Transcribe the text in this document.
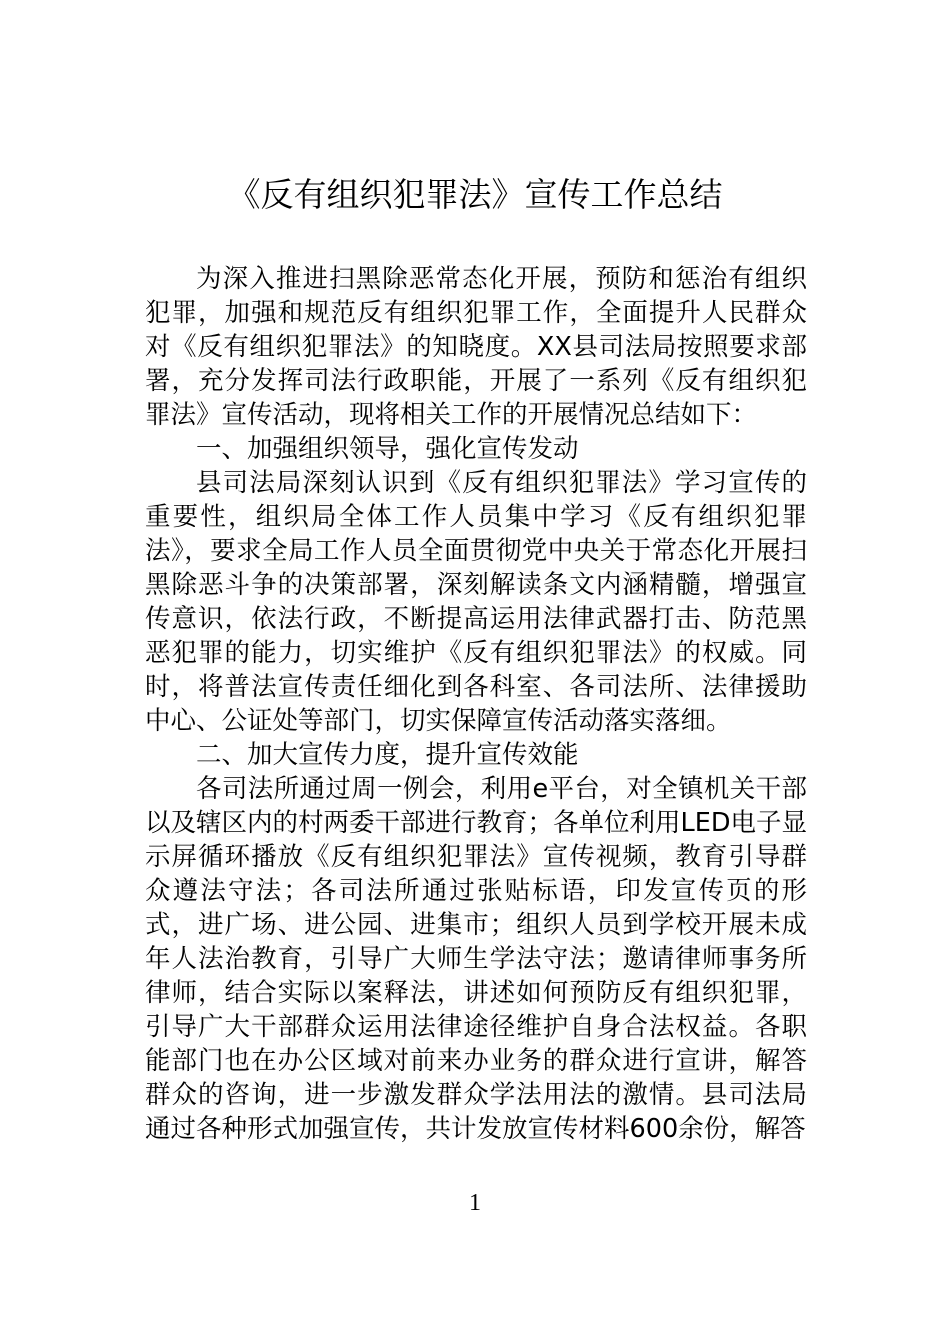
《反有组织犯罪法》宣传工作总结

为深入推进扫黑除恶常态化开展，预防和惩治有组织犯罪，加强和规范反有组织犯罪工作，全面提升人民群众对《反有组织犯罪法》的知晓度。XX县司法局按照要求部署，充分发挥司法行政职能，开展了一系列《反有组织犯罪法》宣传活动，现将相关工作的开展情况总结如下：

一、加强组织领导，强化宣传发动

县司法局深刻认识到《反有组织犯罪法》学习宣传的重要性，组织局全体工作人员集中学习《反有组织犯罪法》，要求全局工作人员全面贯彻党中央关于常态化开展扫黑除恶斗争的决策部署，深刻解读条文内涵精髓，增强宣传意识，依法行政，不断提高运用法律武器打击、防范黑恶犯罪的能力，切实维护《反有组织犯罪法》的权威。同时，将普法宣传责任细化到各科室、各司法所、法律援助中心、公证处等部门，切实保障宣传活动落实落细。

二、加大宣传力度，提升宣传效能

各司法所通过周一例会，利用e平台，对全镇机关干部以及辖区内的村两委干部进行教育；各单位利用LED电子显示屏循环播放《反有组织犯罪法》宣传视频，教育引导群众遵法守法；各司法所通过张贴标语，印发宣传页的形式，进广场、进公园、进集市；组织人员到学校开展未成年人法治教育，引导广大师生学法守法；邀请律师事务所律师，结合实际以案释法，讲述如何预防反有组织犯罪，引导广大干部群众运用法律途径维护自身合法权益。各职能部门也在办公区域对前来办业务的群众进行宣讲，解答群众的咨询，进一步激发群众学法用法的激情。县司法局通过各种形式加强宣传，共计发放宣传材料600余份，解答

1
